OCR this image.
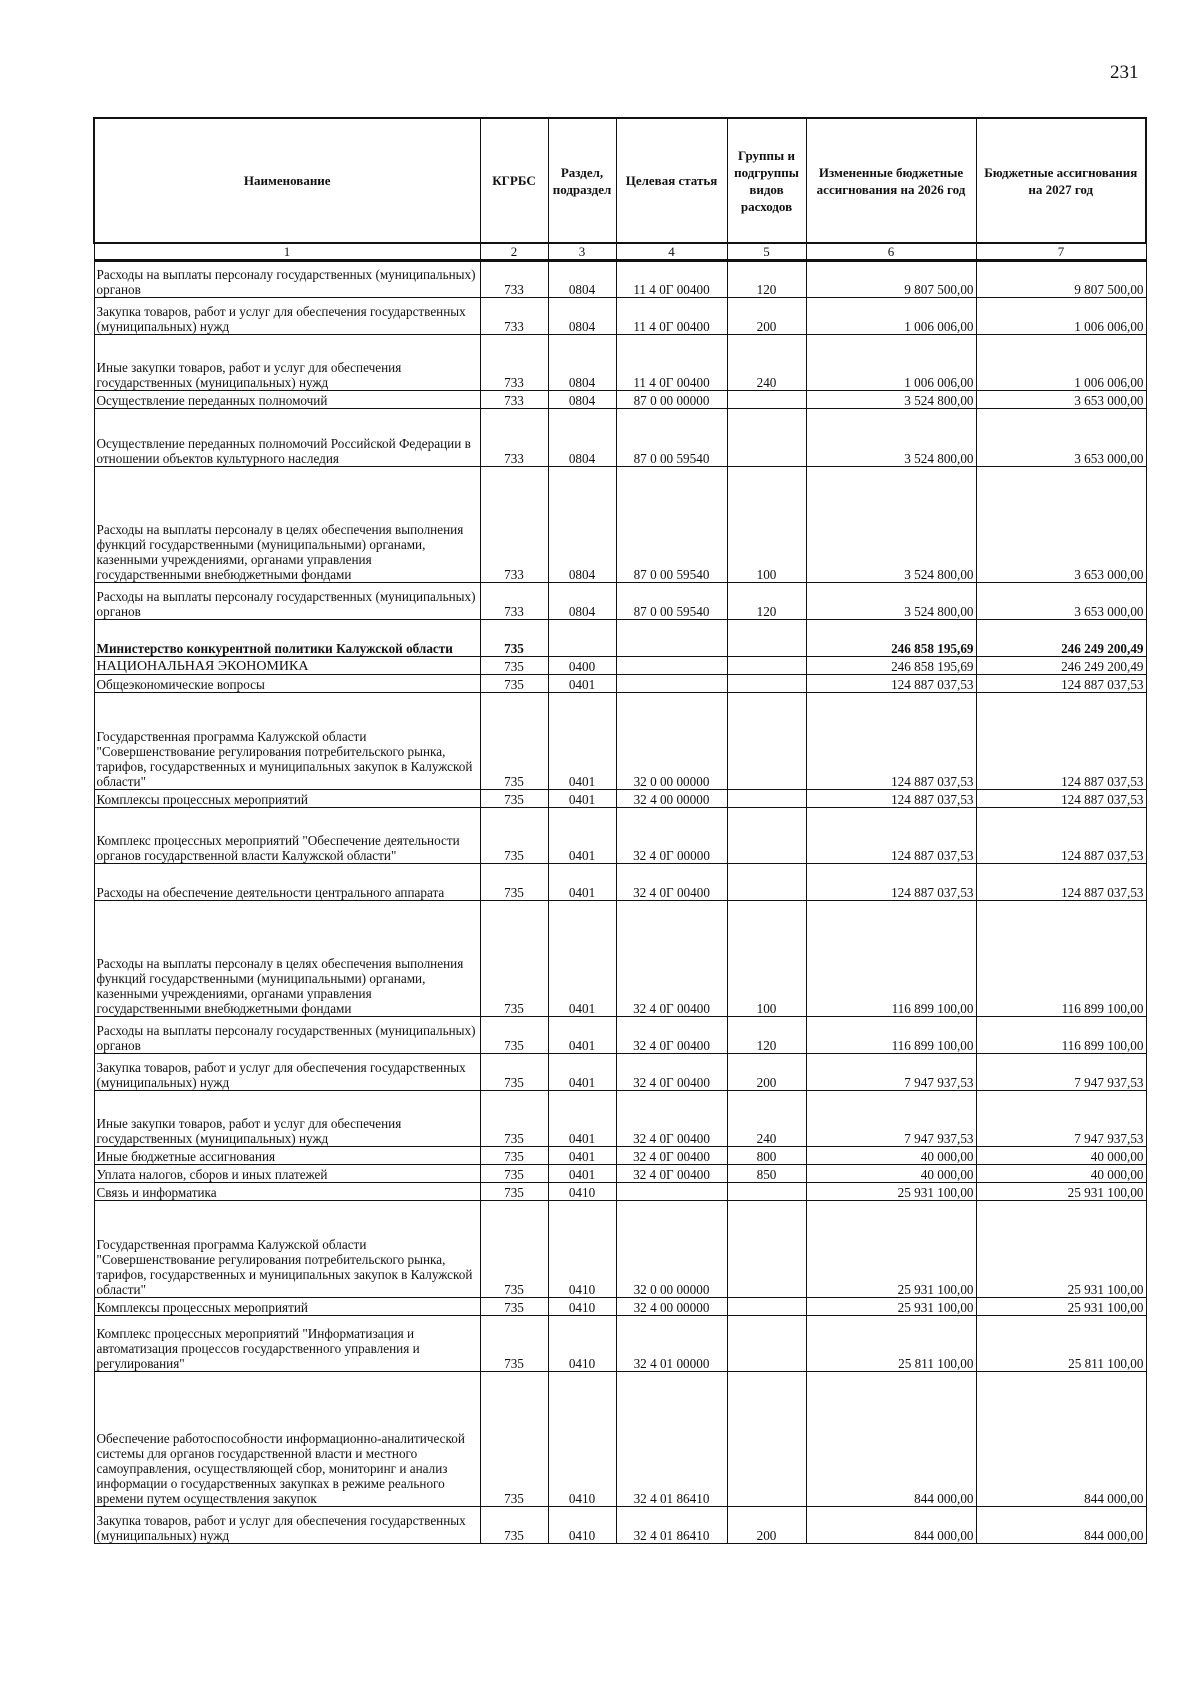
231
Наименование	КГРБС	Раздел, подраздел	Целевая статья	Группы и подгруппы видов расходов	Измененные бюджетные ассигнования на 2026 год	Бюджетные ассигнования на 2027 год
1	2	3	4	5	6	7
Расходы на выплаты персоналу государственных (муниципальных) органов	733	0804	11 4 0Г 00400	120	9 807 500,00	9 807 500,00
Закупка товаров, работ и услуг для обеспечения государственных (муниципальных) нужд	733	0804	11 4 0Г 00400	200	1 006 006,00	1 006 006,00
Иные закупки товаров, работ и услуг для обеспечения государственных (муниципальных) нужд	733	0804	11 4 0Г 00400	240	1 006 006,00	1 006 006,00
Осуществление переданных полномочий	733	0804	87 0 00 00000		3 524 800,00	3 653 000,00
Осуществление переданных полномочий Российской Федерации в отношении объектов культурного наследия	733	0804	87 0 00 59540		3 524 800,00	3 653 000,00
Расходы на выплаты персоналу в целях обеспечения выполнения функций государственными (муниципальными) органами, казенными учреждениями, органами управления государственными внебюджетными фондами	733	0804	87 0 00 59540	100	3 524 800,00	3 653 000,00
Расходы на выплаты персоналу государственных (муниципальных) органов	733	0804	87 0 00 59540	120	3 524 800,00	3 653 000,00
Министерство конкурентной политики Калужской области	735				246 858 195,69	246 249 200,49
НАЦИОНАЛЬНАЯ ЭКОНОМИКА	735	0400			246 858 195,69	246 249 200,49
Общеэкономические вопросы	735	0401			124 887 037,53	124 887 037,53
Государственная программа Калужской области "Совершенствование регулирования потребительского рынка, тарифов, государственных и муниципальных закупок в Калужской области"	735	0401	32 0 00 00000		124 887 037,53	124 887 037,53
Комплексы процессных мероприятий	735	0401	32 4 00 00000		124 887 037,53	124 887 037,53
Комплекс процессных мероприятий "Обеспечение деятельности органов государственной власти Калужской области"	735	0401	32 4 0Г 00000		124 887 037,53	124 887 037,53
Расходы на обеспечение деятельности центрального аппарата	735	0401	32 4 0Г 00400		124 887 037,53	124 887 037,53
Расходы на выплаты персоналу в целях обеспечения выполнения функций государственными (муниципальными) органами, казенными учреждениями, органами управления государственными внебюджетными фондами	735	0401	32 4 0Г 00400	100	116 899 100,00	116 899 100,00
Расходы на выплаты персоналу государственных (муниципальных) органов	735	0401	32 4 0Г 00400	120	116 899 100,00	116 899 100,00
Закупка товаров, работ и услуг для обеспечения государственных (муниципальных) нужд	735	0401	32 4 0Г 00400	200	7 947 937,53	7 947 937,53
Иные закупки товаров, работ и услуг для обеспечения государственных (муниципальных) нужд	735	0401	32 4 0Г 00400	240	7 947 937,53	7 947 937,53
Иные бюджетные ассигнования	735	0401	32 4 0Г 00400	800	40 000,00	40 000,00
Уплата налогов, сборов и иных платежей	735	0401	32 4 0Г 00400	850	40 000,00	40 000,00
Связь и информатика	735	0410			25 931 100,00	25 931 100,00
Государственная программа Калужской области "Совершенствование регулирования потребительского рынка, тарифов, государственных и муниципальных закупок в Калужской области"	735	0410	32 0 00 00000		25 931 100,00	25 931 100,00
Комплексы процессных мероприятий	735	0410	32 4 00 00000		25 931 100,00	25 931 100,00
Комплекс процессных мероприятий "Информатизация и автоматизация процессов государственного управления и регулирования"	735	0410	32 4 01 00000		25 811 100,00	25 811 100,00
Обеспечение работоспособности информационно-аналитической системы для органов государственной власти и местного самоуправления, осуществляющей сбор, мониторинг и анализ информации о государственных закупках в режиме реального времени путем осуществления закупок	735	0410	32 4 01 86410		844 000,00	844 000,00
Закупка товаров, работ и услуг для обеспечения государственных (муниципальных) нужд	735	0410	32 4 01 86410	200	844 000,00	844 000,00
